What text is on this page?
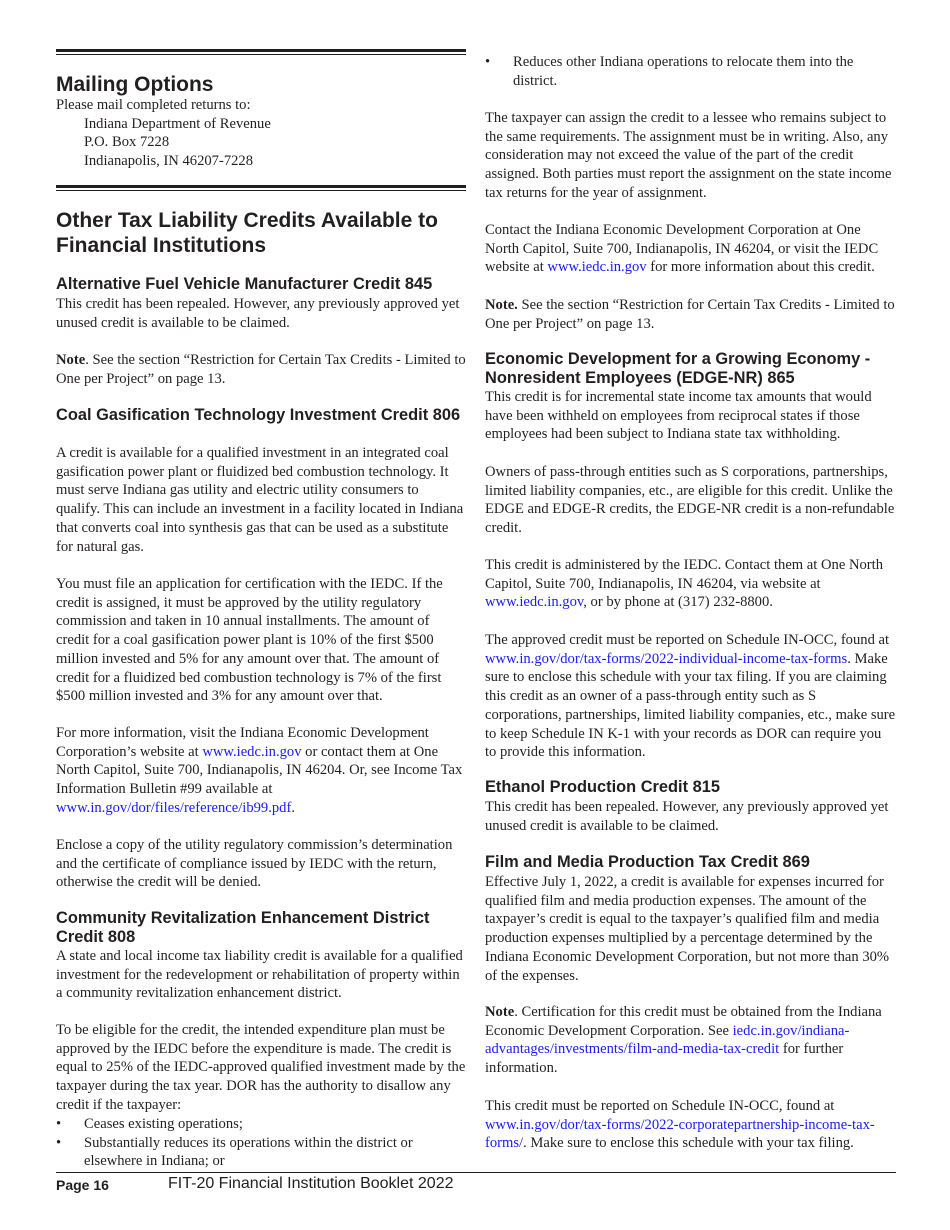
Mailing Options
Please mail completed returns to:
Indiana Department of Revenue
P.O. Box 7228
Indianapolis, IN 46207-7228
Other Tax Liability Credits Available to Financial Institutions
Alternative Fuel Vehicle Manufacturer Credit 845

This credit has been repealed. However, any previously approved yet unused credit is available to be claimed.

Note. See the section “Restriction for Certain Tax Credits - Limited to One per Project” on page 13.

Coal Gasification Technology Investment Credit 806

A credit is available for a qualified investment in an integrated coal gasification power plant or fluidized bed combustion technology. It must serve Indiana gas utility and electric utility consumers to qualify. This can include an investment in a facility located in Indiana that converts coal into synthesis gas that can be used as a substitute for natural gas.

You must file an application for certification with the IEDC. If the credit is assigned, it must be approved by the utility regulatory commission and taken in 10 annual installments. The amount of credit for a coal gasification power plant is 10% of the first $500 million invested and 5% for any amount over that. The amount of credit for a fluidized bed combustion technology is 7% of the first $500 million invested and 3% for any amount over that.

For more information, visit the Indiana Economic Development Corporation’s website at www.iedc.in.gov or contact them at One North Capitol, Suite 700, Indianapolis, IN 46204. Or, see Income Tax Information Bulletin #99 available at www.in.gov/dor/files/reference/ib99.pdf.

Enclose a copy of the utility regulatory commission’s determination and the certificate of compliance issued by IEDC with the return, otherwise the credit will be denied.

Community Revitalization Enhancement District Credit 808

A state and local income tax liability credit is available for a qualified investment for the redevelopment or rehabilitation of property within a community revitalization enhancement district.

To be eligible for the credit, the intended expenditure plan must be approved by the IEDC before the expenditure is made. The credit is equal to 25% of the IEDC-approved qualified investment made by the taxpayer during the tax year. DOR has the authority to disallow any credit if the taxpayer:

• Ceases existing operations;
• Substantially reduces its operations within the district or elsewhere in Indiana; or
• Reduces other Indiana operations to relocate them into the district.

The taxpayer can assign the credit to a lessee who remains subject to the same requirements. The assignment must be in writing. Also, any consideration may not exceed the value of the part of the credit assigned. Both parties must report the assignment on the state income tax returns for the year of assignment.

Contact the Indiana Economic Development Corporation at One North Capitol, Suite 700, Indianapolis, IN 46204, or visit the IEDC website at www.iedc.in.gov for more information about this credit.

Note. See the section “Restriction for Certain Tax Credits - Limited to One per Project” on page 13.

Economic Development for a Growing Economy - Nonresident Employees (EDGE-NR) 865

This credit is for incremental state income tax amounts that would have been withheld on employees from reciprocal states if those employees had been subject to Indiana state tax withholding.

Owners of pass-through entities such as S corporations, partnerships, limited liability companies, etc., are eligible for this credit. Unlike the EDGE and EDGE-R credits, the EDGE-NR credit is a non-refundable credit.

This credit is administered by the IEDC. Contact them at One North Capitol, Suite 700, Indianapolis, IN 46204, via website at www.iedc.in.gov, or by phone at (317) 232-8800.

The approved credit must be reported on Schedule IN-OCC, found at www.in.gov/dor/tax-forms/2022-individual-income-tax-forms. Make sure to enclose this schedule with your tax filing. If you are claiming this credit as an owner of a pass-through entity such as S corporations, partnerships, limited liability companies, etc., make sure to keep Schedule IN K-1 with your records as DOR can require you to provide this information.

Ethanol Production Credit 815

This credit has been repealed. However, any previously approved yet unused credit is available to be claimed.

Film and Media Production Tax Credit 869

Effective July 1, 2022, a credit is available for expenses incurred for qualified film and media production expenses. The amount of the taxpayer’s credit is equal to the taxpayer’s qualified film and media production expenses multiplied by a percentage determined by the Indiana Economic Development Corporation, but not more than 30% of the expenses.

Note. Certification for this credit must be obtained from the Indiana Economic Development Corporation. See iedc.in.gov/indiana-advantages/investments/film-and-media-tax-credit for further information.

This credit must be reported on Schedule IN-OCC, found at www.in.gov/dor/tax-forms/2022-corporatepartnership-income-tax-forms/. Make sure to enclose this schedule with your tax filing.

Page 16	FIT-20 Financial Institution Booklet 2022
